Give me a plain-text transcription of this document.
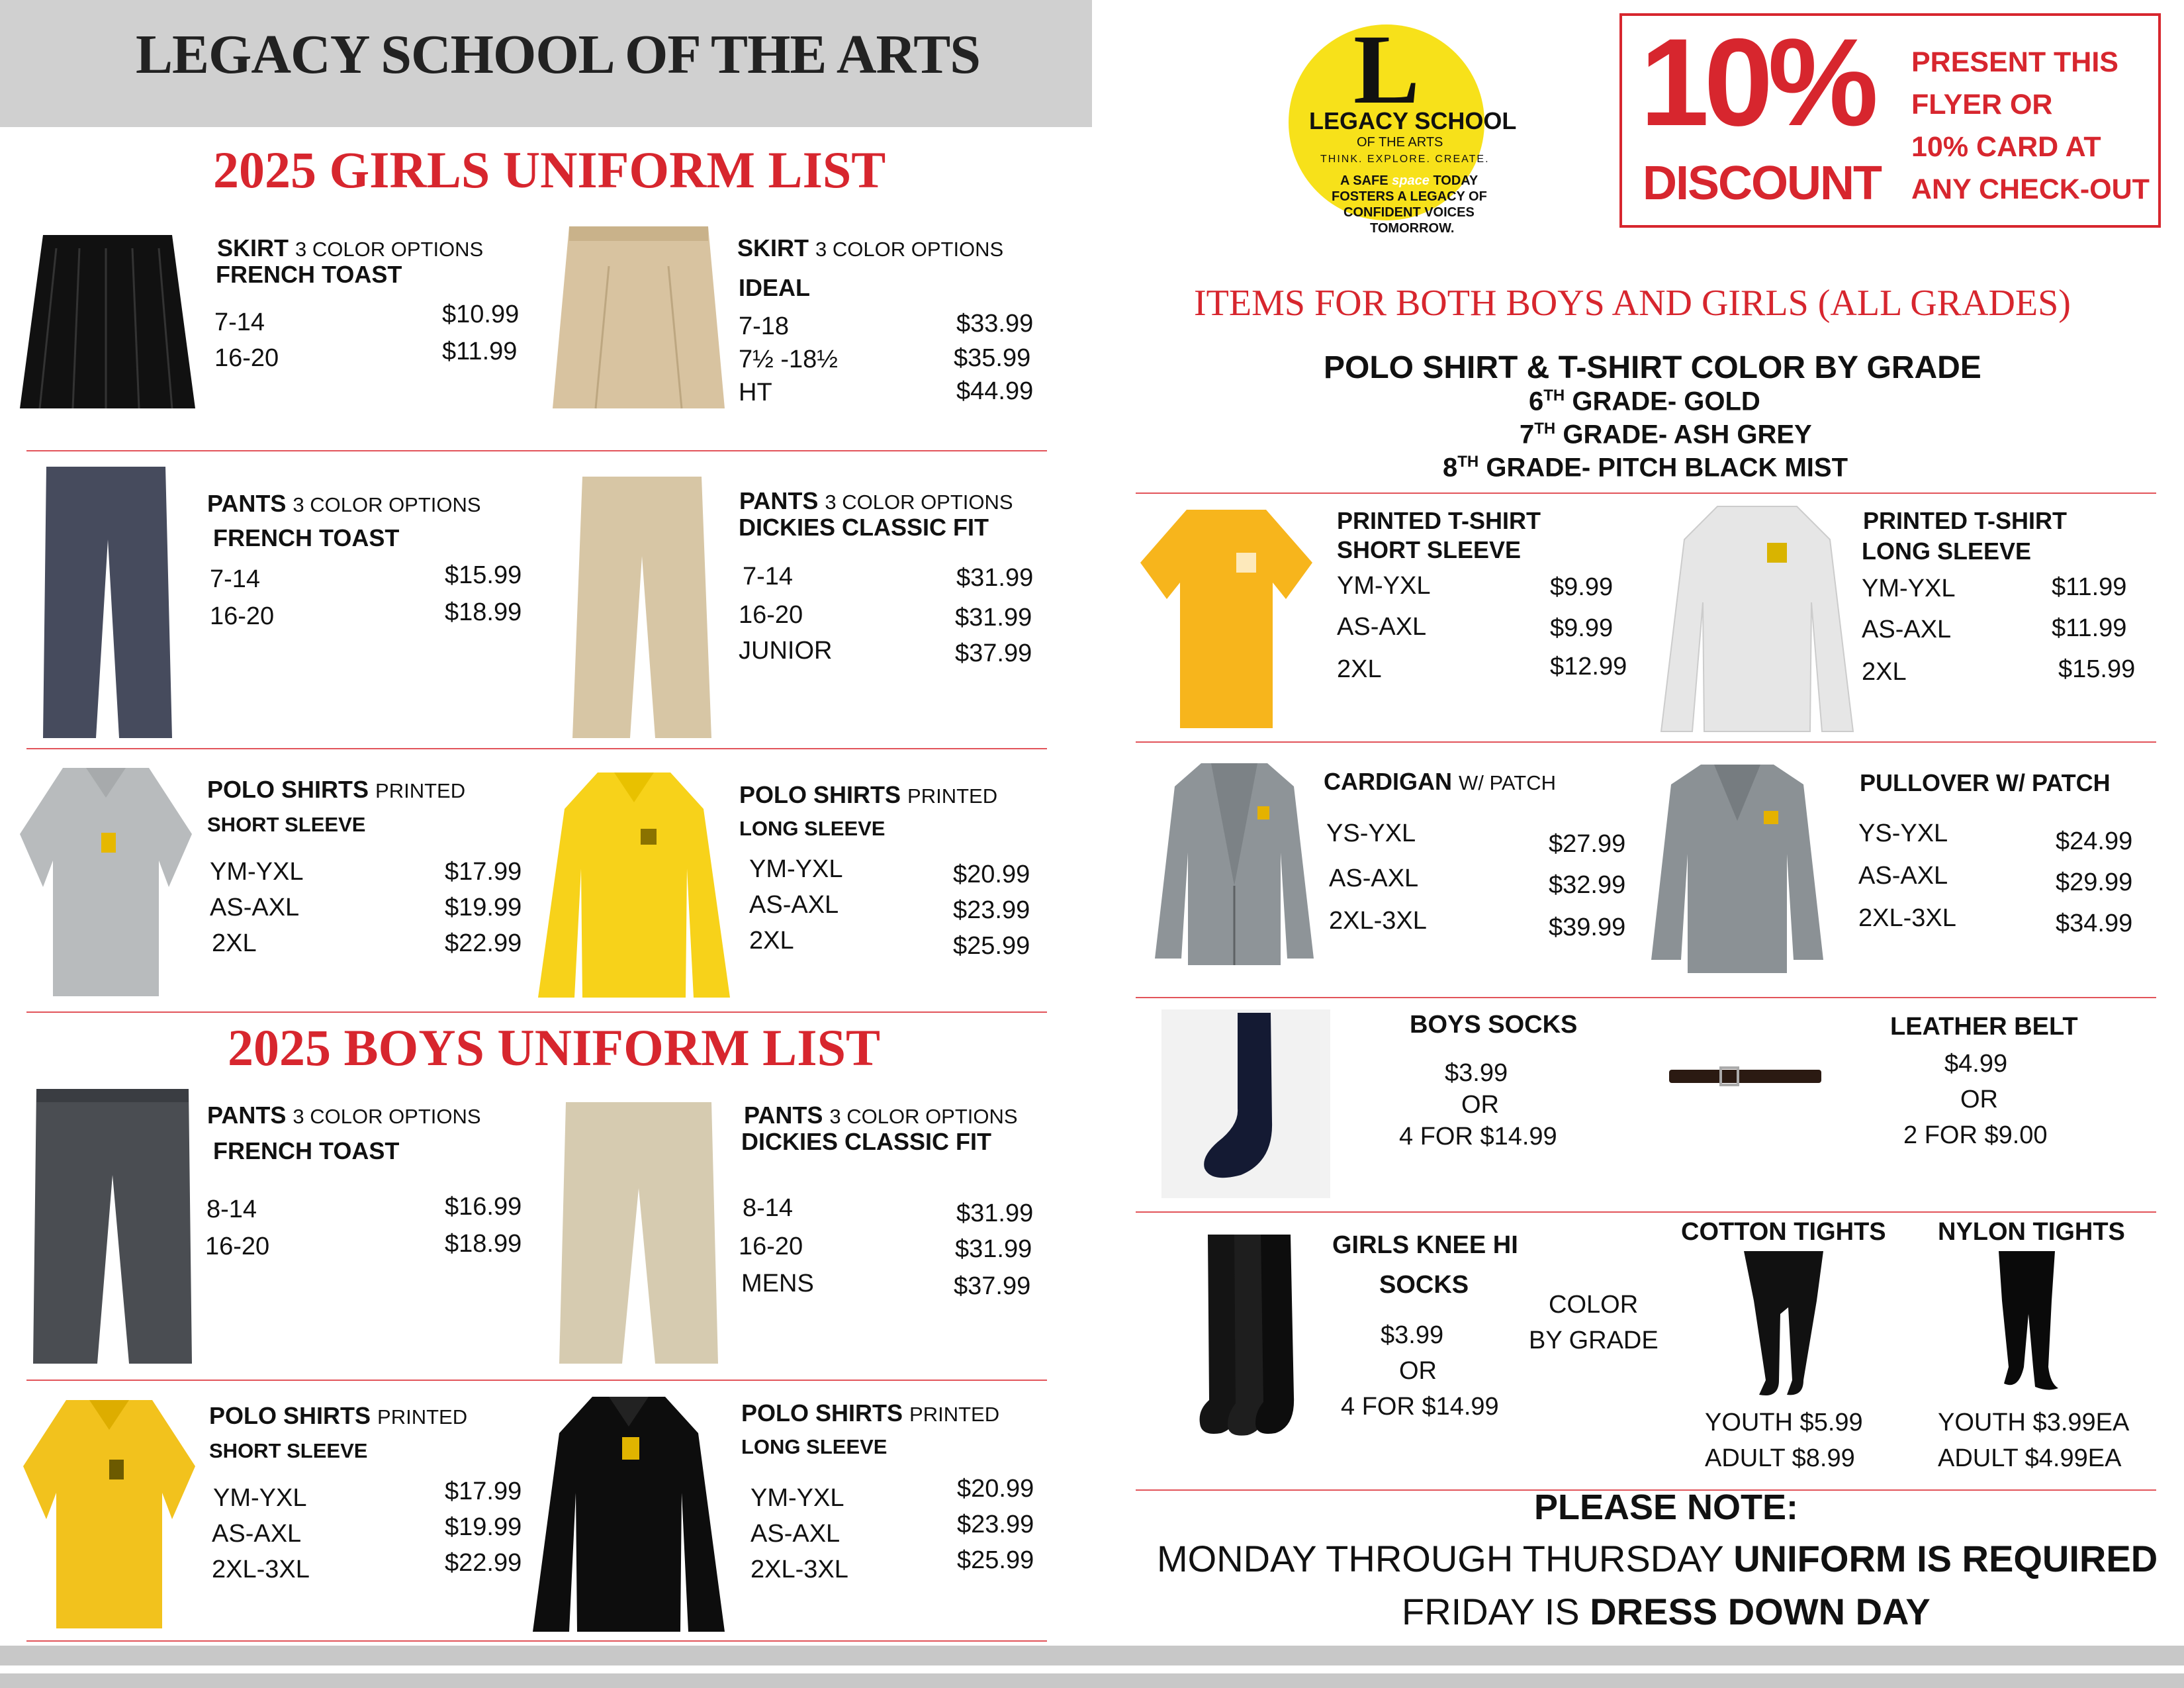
LEGACY SCHOOL OF THE ARTS
2025 GIRLS UNIFORM LIST
SKIRT 3 COLOR OPTIONS
FRENCH TOAST
7-14	$10.99
16-20	$11.99
SKIRT 3 COLOR OPTIONS
IDEAL
7-18	$33.99
7½ -18½	$35.99
HT	$44.99
PANTS 3 COLOR OPTIONS
FRENCH TOAST
7-14	$15.99
16-20	$18.99
PANTS 3 COLOR OPTIONS
DICKIES CLASSIC FIT
7-14	$31.99
16-20	$31.99
JUNIOR	$37.99
POLO SHIRTS PRINTED
SHORT SLEEVE
YM-YXL	$17.99
AS-AXL	$19.99
2XL	$22.99
POLO SHIRTS PRINTED
LONG SLEEVE
YM-YXL	$20.99
AS-AXL	$23.99
2XL	$25.99
2025 BOYS UNIFORM LIST
PANTS 3 COLOR OPTIONS
FRENCH TOAST
8-14	$16.99
16-20	$18.99
PANTS 3 COLOR OPTIONS
DICKIES CLASSIC FIT
8-14	$31.99
16-20	$31.99
MENS	$37.99
POLO SHIRTS PRINTED
SHORT SLEEVE
YM-YXL	$17.99
AS-AXL	$19.99
2XL-3XL	$22.99
POLO SHIRTS PRINTED
LONG SLEEVE
YM-YXL	$20.99
AS-AXL	$23.99
2XL-3XL	$25.99
L
LEGACY SCHOOL
OF THE ARTS
THINK. EXPLORE. CREATE.
A SAFE space TODAY
FOSTERS A LEGACY OF
CONFIDENT VOICES
TOMORROW.
10%
DISCOUNT
PRESENT THIS
FLYER OR
10% CARD AT
ANY CHECK-OUT
ITEMS FOR BOTH BOYS AND GIRLS (ALL GRADES)
POLO SHIRT & T-SHIRT COLOR BY GRADE
6TH GRADE- GOLD
7TH GRADE- ASH GREY
8TH GRADE- PITCH BLACK MIST
PRINTED T-SHIRT
SHORT SLEEVE
YM-YXL	$9.99
AS-AXL	$9.99
2XL	$12.99
PRINTED T-SHIRT
LONG SLEEVE
YM-YXL	$11.99
AS-AXL	$11.99
2XL	$15.99
CARDIGAN W/ PATCH
YS-YXL	$27.99
AS-AXL	$32.99
2XL-3XL	$39.99
PULLOVER W/ PATCH
YS-YXL	$24.99
AS-AXL	$29.99
2XL-3XL	$34.99
BOYS SOCKS
$3.99
OR
4 FOR $14.99
LEATHER BELT
$4.99
OR
2 FOR $9.00
GIRLS KNEE HI
SOCKS
$3.99
OR
4 FOR $14.99
COLOR
BY GRADE
COTTON TIGHTS
YOUTH $5.99
ADULT $8.99
NYLON TIGHTS
YOUTH $3.99EA
ADULT $4.99EA
PLEASE NOTE:
MONDAY THROUGH THURSDAY UNIFORM IS REQUIRED
FRIDAY IS DRESS DOWN DAY
